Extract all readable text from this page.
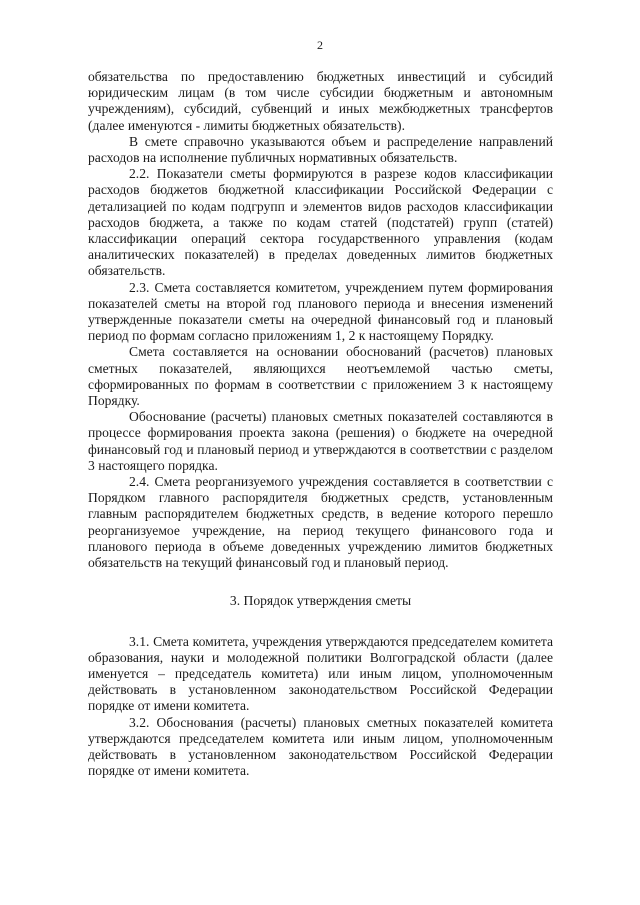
2

обязательства по предоставлению бюджетных инвестиций и субсидий юридическим лицам (в том числе субсидии бюджетным и автономным учреждениям), субсидий, субвенций и иных межбюджетных трансфертов (далее именуются - лимиты бюджетных обязательств).

В смете справочно указываются объем и распределение направлений расходов на исполнение публичных нормативных обязательств.

2.2. Показатели сметы формируются в разрезе кодов классификации расходов бюджетов бюджетной классификации Российской Федерации с детализацией по кодам подгрупп и элементов видов расходов классификации расходов бюджета, а также по кодам статей (подстатей) групп (статей) классификации операций сектора государственного управления (кодам аналитических показателей) в пределах доведенных лимитов бюджетных обязательств.

2.3. Смета составляется комитетом, учреждением путем формирования показателей сметы на второй год планового периода и внесения изменений утвержденные показатели сметы на очередной финансовый год и плановый период по формам согласно приложениям 1, 2 к настоящему Порядку.

Смета составляется на основании обоснований (расчетов) плановых сметных показателей, являющихся неотъемлемой частью сметы, сформированных по формам в соответствии с приложением 3 к настоящему Порядку.

Обоснование (расчеты) плановых сметных показателей составляются в процессе формирования проекта закона (решения) о бюджете на очередной финансовый год и плановый период и утверждаются в соответствии с разделом 3 настоящего порядка.

2.4. Смета реорганизуемого учреждения составляется в соответствии с Порядком главного распорядителя бюджетных средств, установленным главным распорядителем бюджетных средств, в ведение которого перешло реорганизуемое учреждение, на период текущего финансового года и планового периода в объеме доведенных учреждению лимитов бюджетных обязательств на текущий финансовый год и плановый период.

3. Порядок утверждения сметы

3.1. Смета комитета, учреждения утверждаются председателем комитета образования, науки и молодежной политики Волгоградской области (далее именуется – председатель комитета) или иным лицом, уполномоченным действовать в установленном законодательством Российской Федерации порядке от имени комитета.

3.2. Обоснования (расчеты) плановых сметных показателей комитета утверждаются председателем комитета или иным лицом, уполномоченным действовать в установленном законодательством Российской Федерации порядке от имени комитета.
